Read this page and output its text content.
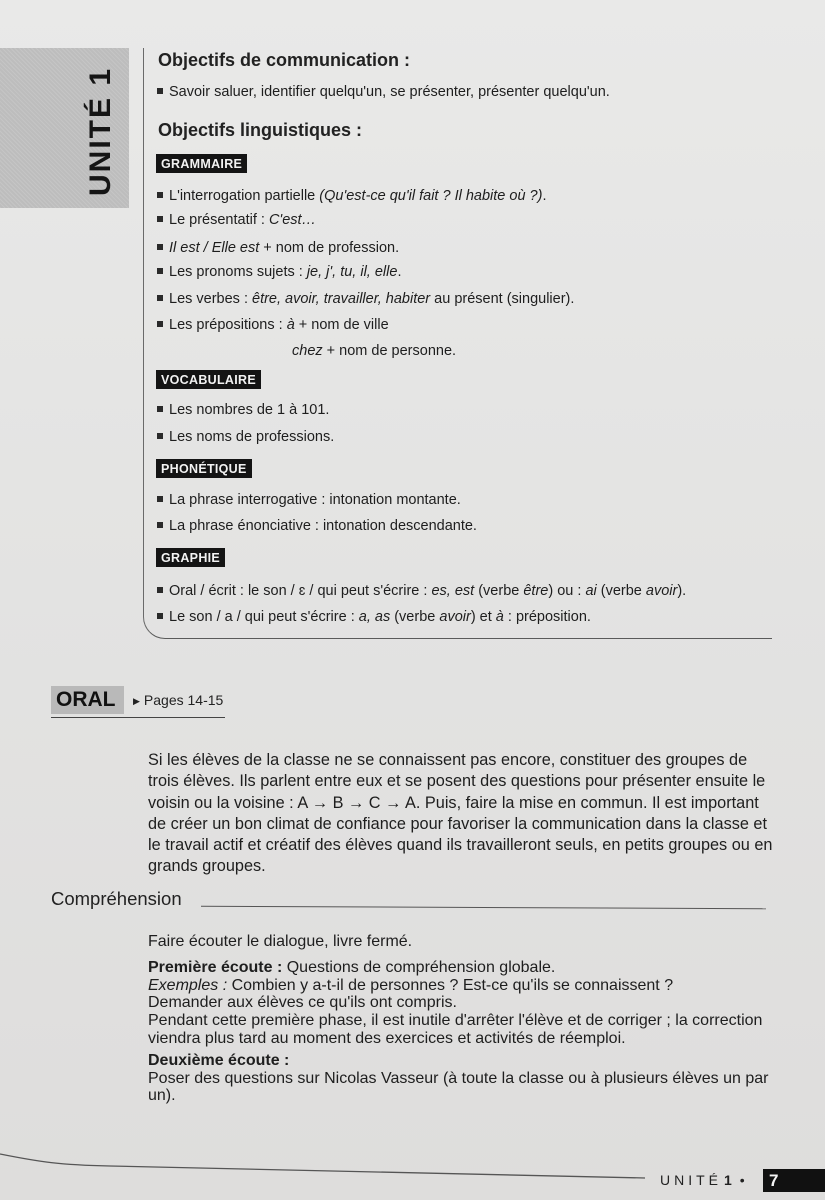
UNITÉ 1
Objectifs de communication :
Savoir saluer, identifier quelqu'un, se présenter, présenter quelqu'un.
Objectifs linguistiques :
GRAMMAIRE
L'interrogation partielle (Qu'est-ce qu'il fait ? Il habite où ?).
Le présentatif : C'est…
Il est / Elle est + nom de profession.
Les pronoms sujets : je, j', tu, il, elle.
Les verbes : être, avoir, travailler, habiter au présent (singulier).
Les prépositions : à + nom de ville
chez + nom de personne.
VOCABULAIRE
Les nombres de 1 à 101.
Les noms de professions.
PHONÉTIQUE
La phrase interrogative : intonation montante.
La phrase énonciative : intonation descendante.
GRAPHIE
Oral / écrit : le son / ɛ / qui peut s'écrire : es, est (verbe être) ou : ai (verbe avoir).
Le son / a / qui peut s'écrire : a, as (verbe avoir) et à : préposition.
ORAL	▶ Pages 14-15

Si les élèves de la classe ne se connaissent pas encore, constituer des groupes de trois élèves. Ils parlent entre eux et se posent des questions pour présenter ensuite le voisin ou la voisine : A → B → C → A. Puis, faire la mise en commun. Il est important de créer un bon climat de confiance pour favoriser la communication dans la classe et le travail actif et créatif des élèves quand ils travailleront seuls, en petits groupes ou en grands groupes.

Compréhension
Faire écouter le dialogue, livre fermé.
Première écoute : Questions de compréhension globale.
Exemples : Combien y a-t-il de personnes ? Est-ce qu'ils se connaissent ?
Demander aux élèves ce qu'ils ont compris.
Pendant cette première phase, il est inutile d'arrêter l'élève et de corriger ; la correction viendra plus tard au moment des exercices et activités de réemploi.
Deuxième écoute :
Poser des questions sur Nicolas Vasseur (à toute la classe ou à plusieurs élèves un par un).
UNITÉ 1 •	7
